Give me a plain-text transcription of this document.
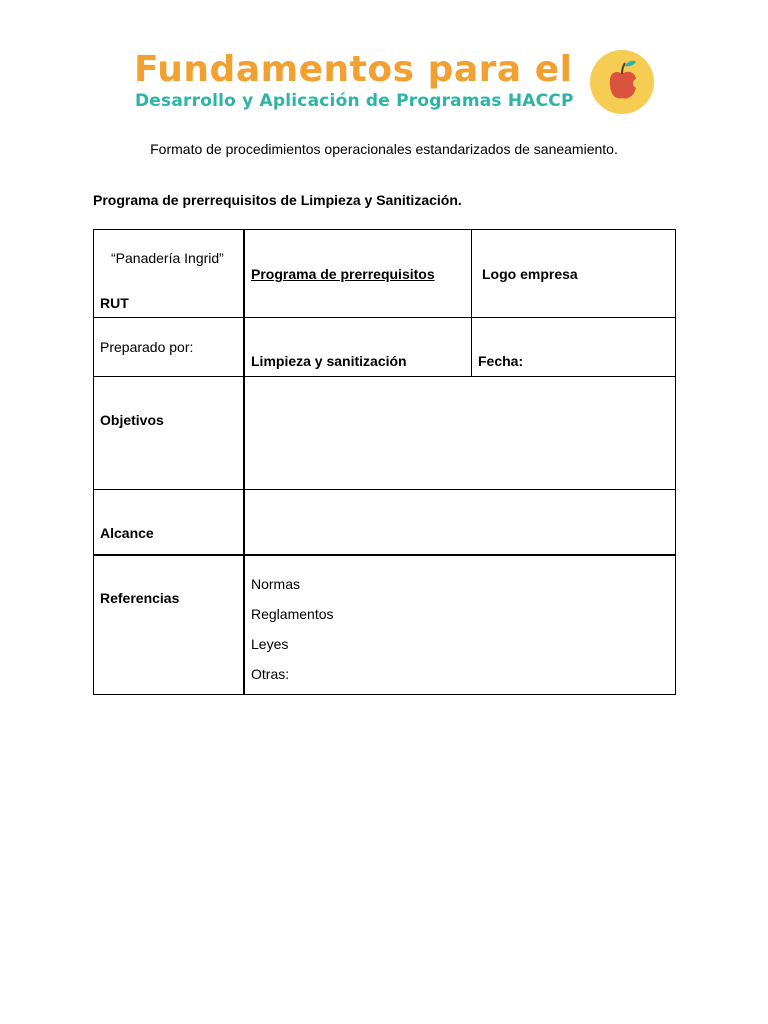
Fundamentos para el
Desarrollo y Aplicación de Programas HACCP
Formato de procedimientos operacionales estandarizados de saneamiento.
Programa de prerrequisitos de Limpieza y Sanitización.
“Panadería Ingrid”
RUT
Programa de prerrequisitos	Logo empresa
Preparado por:
Limpieza y sanitización	Fecha:
Objetivos
Alcance
Referencias
Normas
Reglamentos
Leyes
Otras:
